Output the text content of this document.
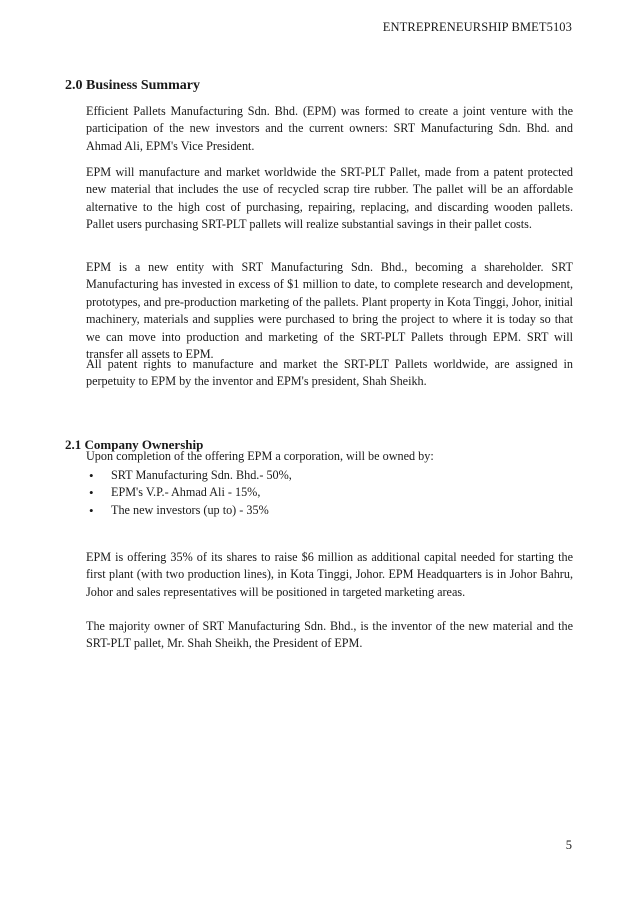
ENTREPRENEURSHIP BMET5103
2.0 Business Summary

Efficient Pallets Manufacturing Sdn. Bhd. (EPM) was formed to create a joint venture with the participation of the new investors and the current owners: SRT Manufacturing Sdn. Bhd. and Ahmad Ali, EPM's Vice President.

EPM will manufacture and market worldwide the SRT-PLT Pallet, made from a patent protected new material that includes the use of recycled scrap tire rubber. The pallet will be an affordable alternative to the high cost of purchasing, repairing, replacing, and discarding wooden pallets. Pallet users purchasing SRT-PLT pallets will realize substantial savings in their pallet costs.

EPM is a new entity with SRT Manufacturing Sdn. Bhd., becoming a shareholder. SRT Manufacturing has invested in excess of $1 million to date, to complete research and development, prototypes, and pre-production marketing of the pallets. Plant property in Kota Tinggi, Johor, initial machinery, materials and supplies were purchased to bring the project to where it is today so that we can move into production and marketing of the SRT-PLT Pallets through EPM. SRT will transfer all assets to EPM.

All patent rights to manufacture and market the SRT-PLT Pallets worldwide, are assigned in perpetuity to EPM by the inventor and EPM's president, Shah Sheikh.

2.1 Company Ownership

Upon completion of the offering EPM a corporation, will be owned by:

• SRT Manufacturing Sdn. Bhd.- 50%,
• EPM's V.P.- Ahmad Ali - 15%,
• The new investors (up to) - 35%

EPM is offering 35% of its shares to raise $6 million as additional capital needed for starting the first plant (with two production lines), in Kota Tinggi, Johor. EPM Headquarters is in Johor Bahru, Johor and sales representatives will be positioned in targeted marketing areas.

The majority owner of SRT Manufacturing Sdn. Bhd., is the inventor of the new material and the SRT-PLT pallet, Mr. Shah Sheikh, the President of EPM.

5
